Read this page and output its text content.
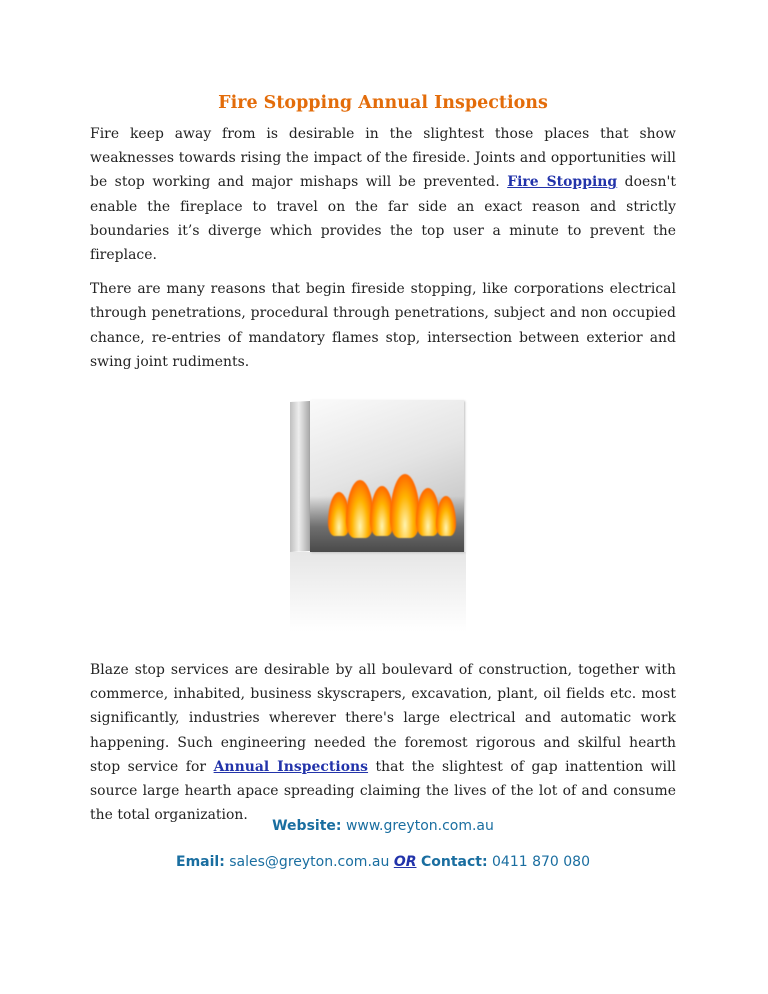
Fire Stopping Annual Inspections

Fire keep away from is desirable in the slightest those places that show weaknesses towards rising the impact of the fireside. Joints and opportunities will be stop working and major mishaps will be prevented. Fire Stopping doesn't enable the fireplace to travel on the far side an exact reason and strictly boundaries it’s diverge which provides the top user a minute to prevent the fireplace.

There are many reasons that begin fireside stopping, like corporations electrical through penetrations, procedural through penetrations, subject and non occupied chance, re-entries of mandatory flames stop, intersection between exterior and swing joint rudiments.

Blaze stop services are desirable by all boulevard of construction, together with commerce, inhabited, business skyscrapers, excavation, plant, oil fields etc. most significantly, industries wherever there's large electrical and automatic work happening. Such engineering needed the foremost rigorous and skilful hearth stop service for Annual Inspections that the slightest of gap inattention will source large hearth apace spreading claiming the lives of the lot of and consume the total organization.

Website: www.greyton.com.au

Email: sales@greyton.com.au OR Contact: 0411 870 080
